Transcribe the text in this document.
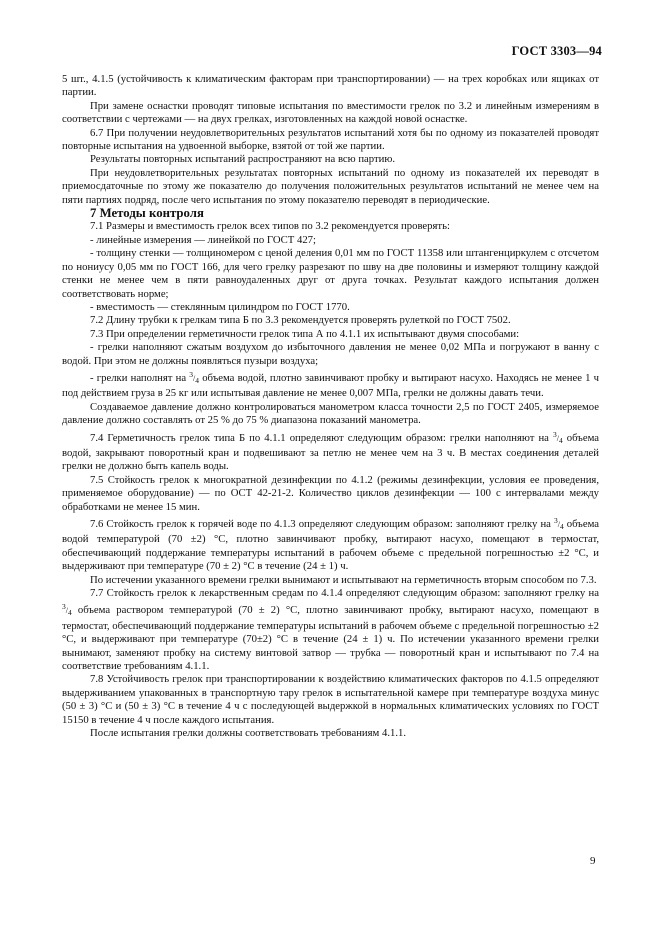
ГОСТ 3303—94

5 шт., 4.1.5 (устойчивость к климатическим факторам при транспортировании) — на трех коробках или ящиках от партии.

При замене оснастки проводят типовые испытания по вместимости грелок по 3.2 и линейным измерениям в соответствии с чертежами — на двух грелках, изготовленных на каждой новой оснастке.

6.7 При получении неудовлетворительных результатов испытаний хотя бы по одному из показателей проводят повторные испытания на удвоенной выборке, взятой от той же партии.

Результаты повторных испытаний распространяют на всю партию.

При неудовлетворительных результатах повторных испытаний по одному из показателей их переводят в приемосдаточные по этому же показателю до получения положительных результатов испытаний не менее чем на пяти партиях подряд, после чего испытания по этому показателю переводят в периодические.

7 Методы контроля

7.1 Размеры и вместимость грелок всех типов по 3.2 рекомендуется проверять:

- линейные измерения — линейкой по ГОСТ 427;

- толщину стенки — толщиномером с ценой деления 0,01 мм по ГОСТ 11358 или штангенциркулем с отсчетом по нониусу 0,05 мм по ГОСТ 166, для чего грелку разрезают по шву на две половины и измеряют толщину каждой стенки не менее чем в пяти равноудаленных друг от друга точках. Результат каждого испытания должен соответствовать норме;

- вместимость — стеклянным цилиндром по ГОСТ 1770.

7.2 Длину трубки к грелкам типа Б по 3.3 рекомендуется проверять рулеткой по ГОСТ 7502.

7.3 При определении герметичности грелок типа А по 4.1.1 их испытывают двумя способами:

- грелки наполняют сжатым воздухом до избыточного давления не менее 0,02 МПа и погружают в ванну с водой. При этом не должны появляться пузыри воздуха;

- грелки наполнят на $^3/_4$ объема водой, плотно завинчивают пробку и вытирают насухо. Находясь не менее 1 ч под действием груза в 25 кг или испытывая давление не менее 0,007 МПа, грелки не должны давать течи.

Создаваемое давление должно контролироваться манометром класса точности 2,5 по ГОСТ 2405, измеряемое давление должно составлять от 25 % до 75 % диапазона показаний манометра.

7.4 Герметичность грелок типа Б по 4.1.1 определяют следующим образом: грелки наполняют на $^3/_4$ объема водой, закрывают поворотный кран и подвешивают за петлю не менее чем на 3 ч. В местах соединения деталей грелки не должно быть капель воды.

7.5 Стойкость грелок к многократной дезинфекции по 4.1.2 (режимы дезинфекции, условия ее проведения, применяемое оборудование) — по ОСТ 42-21-2. Количество циклов дезинфекции — 100 с интервалами между обработками не менее 15 мин.

7.6 Стойкость грелок к горячей воде по 4.1.3 определяют следующим образом: заполняют грелку на $^3/_4$ объема водой температурой (70 ±2) °С, плотно завинчивают пробку, вытирают насухо, помещают в термостат, обеспечивающий поддержание температуры испытаний в рабочем объеме с предельной погрешностью ±2 °С, и выдерживают при температуре (70 ± 2) °С в течение (24 ± 1) ч.

По истечении указанного времени грелки вынимают и испытывают на герметичность вторым способом по 7.3.

7.7 Стойкость грелок к лекарственным средам по 4.1.4 определяют следующим образом: заполняют грелку на $^3/_4$ объема раствором температурой (70 ± 2) °С, плотно завинчивают пробку, вытирают насухо, помещают в термостат, обеспечивающий поддержание температуры испытаний в рабочем объеме с предельной погрешностью ±2 °С, и выдерживают при температуре (70±2) °С в течение (24 ± 1) ч. По истечении указанного времени грелки вынимают, заменяют пробку на систему винтовой затвор — трубка — поворотный кран и испытывают по 7.4 на соответствие требованиям 4.1.1.

7.8 Устойчивость грелок при транспортировании к воздействию климатических факторов по 4.1.5 определяют выдерживанием упакованных в транспортную тару грелок в испытательной камере при температуре воздуха минус (50 ± 3) °С и (50 ± 3) °С в течение 4 ч с последующей выдержкой в нормальных климатических условиях по ГОСТ 15150 в течение 4 ч после каждого испытания.

После испытания грелки должны соответствовать требованиям 4.1.1.

9
